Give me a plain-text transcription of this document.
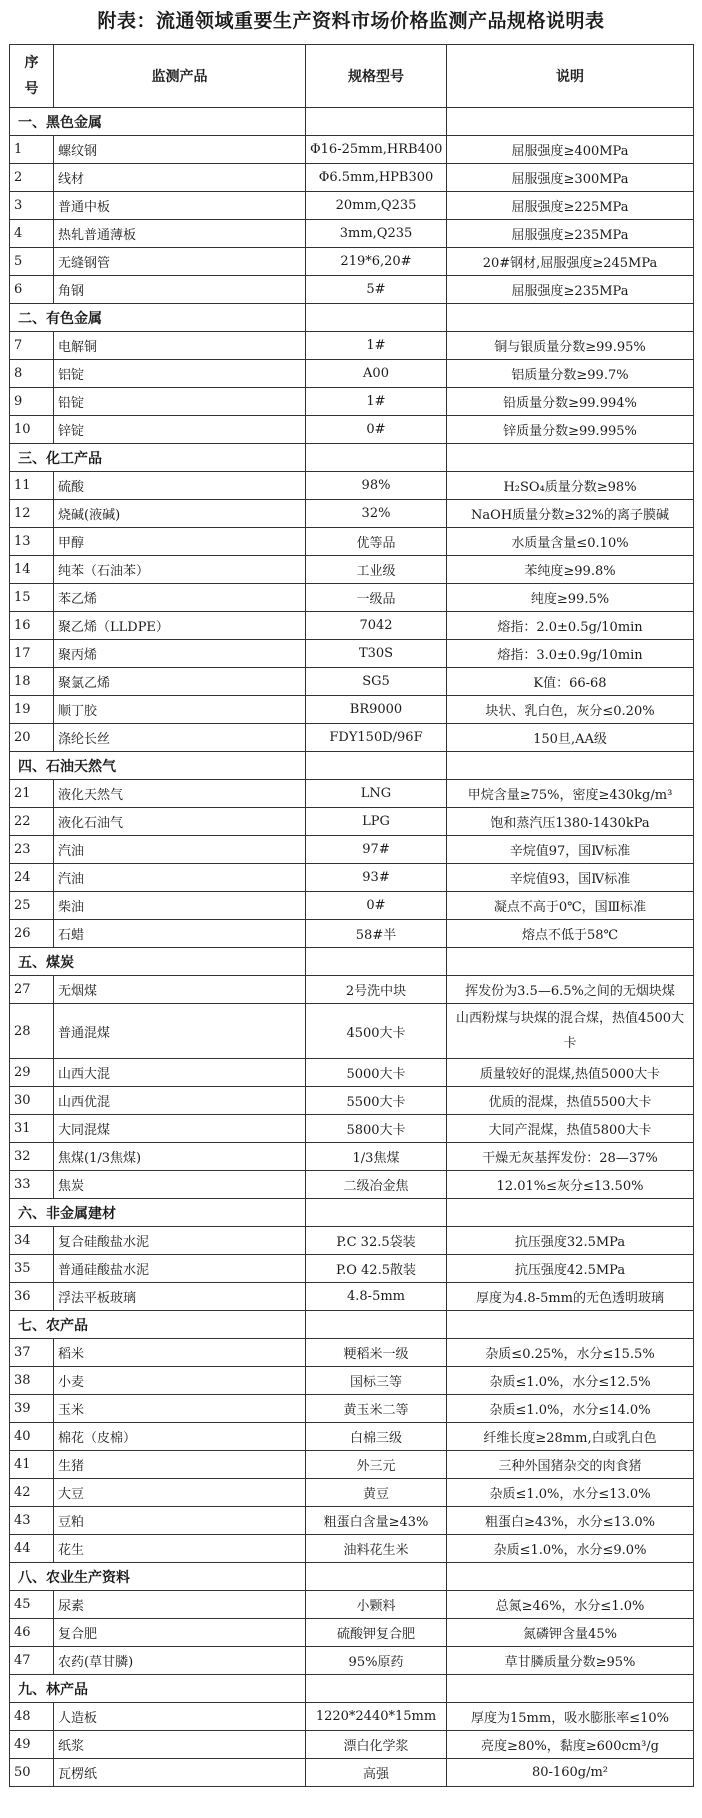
附表：流通领域重要生产资料市场价格监测产品规格说明表
序
号	监测产品	规格型号	说明
一、黑色金属			
1	螺纹钢	Φ16-25mm,HRB400	屈服强度≥400MPa
2	线材	Φ6.5mm,HPB300	屈服强度≥300MPa
3	普通中板	20mm,Q235	屈服强度≥225MPa
4	热轧普通薄板	3mm,Q235	屈服强度≥235MPa
5	无缝钢管	219*6,20#	20#钢材,屈服强度≥245MPa
6	角钢	5#	屈服强度≥235MPa
二、有色金属			
7	电解铜	1#	铜与银质量分数≥99.95%
8	铝锭	A00	铝质量分数≥99.7%
9	铅锭	1#	铅质量分数≥99.994%
10	锌锭	0#	锌质量分数≥99.995%
三、化工产品			
11	硫酸	98%	H₂SO₄质量分数≥98%
12	烧碱(液碱)	32%	NaOH质量分数≥32%的离子膜碱
13	甲醇	优等品	水质量含量≤0.10%
14	纯苯（石油苯）	工业级	苯纯度≥99.8%
15	苯乙烯	一级品	纯度≥99.5%
16	聚乙烯（LLDPE）	7042	熔指：2.0±0.5g/10min
17	聚丙烯	T30S	熔指：3.0±0.9g/10min
18	聚氯乙烯	SG5	K值：66-68
19	顺丁胶	BR9000	块状、乳白色，灰分≤0.20%
20	涤纶长丝	FDY150D/96F	150旦,AA级
四、石油天然气			
21	液化天然气	LNG	甲烷含量≥75%，密度≥430kg/m³
22	液化石油气	LPG	饱和蒸汽压1380-1430kPa
23	汽油	97#	辛烷值97，国Ⅳ标准
24	汽油	93#	辛烷值93，国Ⅳ标准
25	柴油	0#	凝点不高于0℃，国Ⅲ标准
26	石蜡	58#半	熔点不低于58℃
五、煤炭			
27	无烟煤	2号洗中块	挥发份为3.5—6.5%之间的无烟块煤
28	普通混煤	4500大卡	山西粉煤与块煤的混合煤，热值4500大卡
29	山西大混	5000大卡	质量较好的混煤,热值5000大卡
30	山西优混	5500大卡	优质的混煤，热值5500大卡
31	大同混煤	5800大卡	大同产混煤，热值5800大卡
32	焦煤(1/3焦煤)	1/3焦煤	干燥无灰基挥发份：28—37%
33	焦炭	二级冶金焦	12.01%≤灰分≤13.50%
六、非金属建材			
34	复合硅酸盐水泥	P.C 32.5袋装	抗压强度32.5MPa
35	普通硅酸盐水泥	P.O 42.5散装	抗压强度42.5MPa
36	浮法平板玻璃	4.8-5mm	厚度为4.8-5mm的无色透明玻璃
七、农产品			
37	稻米	粳稻米一级	杂质≤0.25%，水分≤15.5%
38	小麦	国标三等	杂质≤1.0%，水分≤12.5%
39	玉米	黄玉米二等	杂质≤1.0%，水分≤14.0%
40	棉花（皮棉）	白棉三级	纤维长度≥28mm,白或乳白色
41	生猪	外三元	三种外国猪杂交的肉食猪
42	大豆	黄豆	杂质≤1.0%，水分≤13.0%
43	豆粕	粗蛋白含量≥43%	粗蛋白≥43%，水分≤13.0%
44	花生	油料花生米	杂质≤1.0%，水分≤9.0%
八、农业生产资料			
45	尿素	小颗料	总氮≥46%，水分≤1.0%
46	复合肥	硫酸钾复合肥	氮磷钾含量45%
47	农药(草甘膦)	95%原药	草甘膦质量分数≥95%
九、林产品			
48	人造板	1220*2440*15mm	厚度为15mm，吸水膨胀率≤10%
49	纸浆	漂白化学浆	亮度≥80%，黏度≥600cm³/g
50	瓦楞纸	高强	80-160g/m²
